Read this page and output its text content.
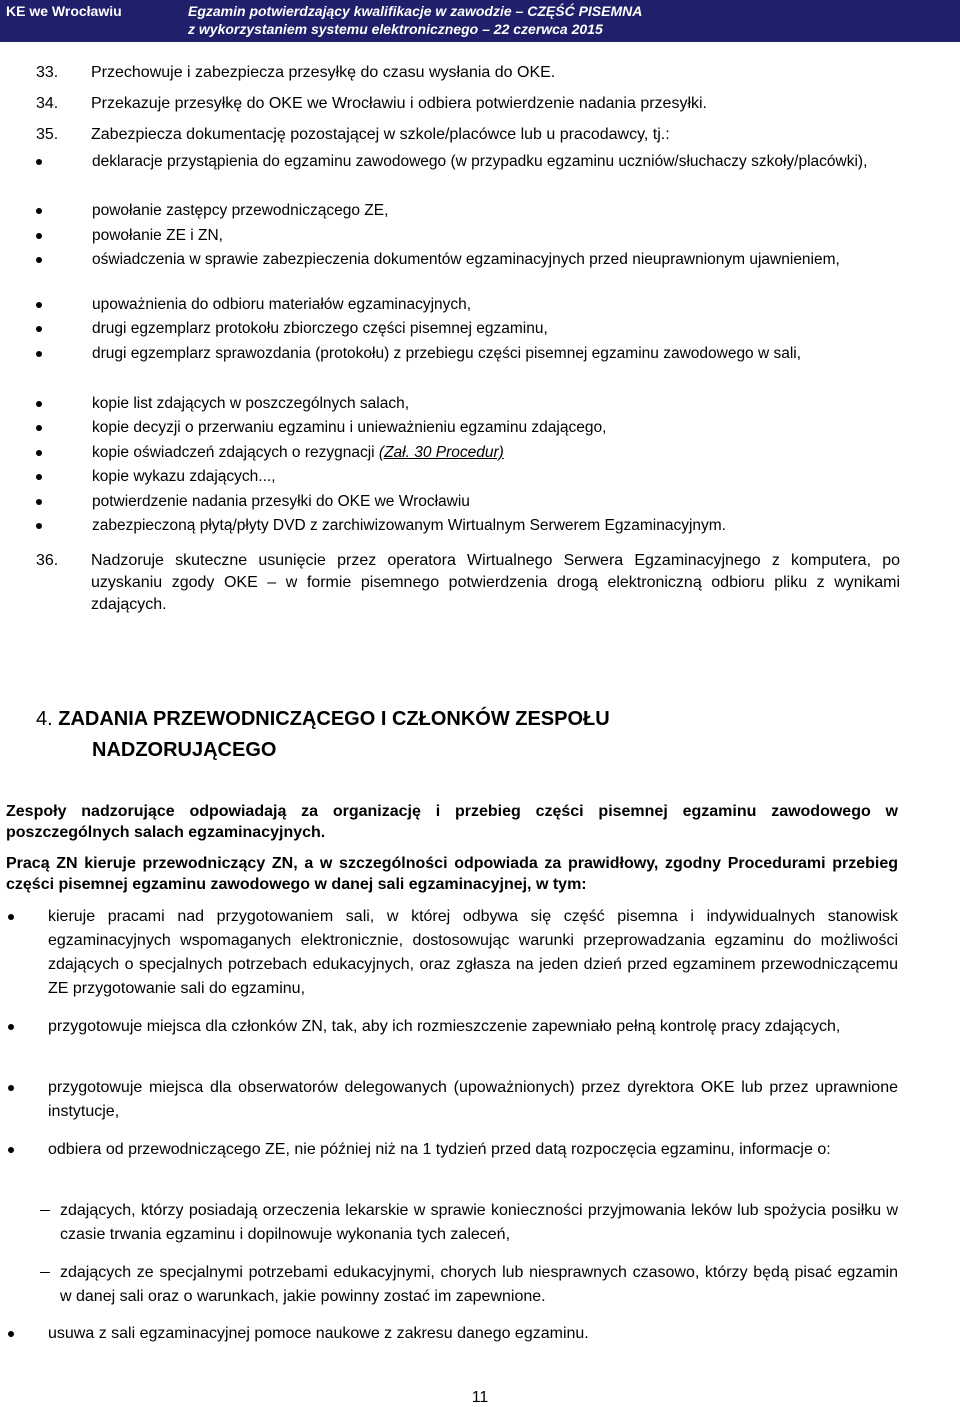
KE we Wrocławiu	Egzamin potwierdzający kwalifikacje w zawodzie – CZĘŚĆ PISEMNA
z wykorzystaniem systemu elektronicznego – 22 czerwca 2015
33.	Przechowuje i zabezpiecza przesyłkę do czasu wysłania do OKE.
34.	Przekazuje przesyłkę do OKE we Wrocławiu i odbiera potwierdzenie nadania przesyłki.
35.	Zabezpiecza dokumentację pozostającej w szkole/placówce lub u pracodawcy, tj.:
deklaracje przystąpienia do egzaminu zawodowego (w przypadku egzaminu uczniów/słuchaczy szkoły/placówki),
powołanie zastępcy przewodniczącego ZE,
powołanie ZE i ZN,
oświadczenia w sprawie zabezpieczenia dokumentów egzaminacyjnych przed nieuprawnionym ujawnieniem,
upoważnienia do odbioru materiałów egzaminacyjnych,
drugi egzemplarz protokołu zbiorczego części pisemnej egzaminu,
drugi egzemplarz sprawozdania (protokołu) z przebiegu części pisemnej egzaminu zawodowego w sali,
kopie list zdających w poszczególnych salach,
kopie decyzji o przerwaniu egzaminu i unieważnieniu egzaminu zdającego,
kopie oświadczeń zdających o rezygnacji (Zał. 30 Procedur)
kopie wykazu zdających...,
potwierdzenie nadania przesyłki do OKE we Wrocławiu
zabezpieczoną płytą/płyty DVD z zarchiwizowanym Wirtualnym Serwerem Egzaminacyjnym.
36.	Nadzoruje skuteczne usunięcie przez operatora Wirtualnego Serwera Egzaminacyjnego z komputera, po uzyskaniu zgody OKE – w formie pisemnego potwierdzenia drogą elektroniczną odbioru pliku z wynikami zdających.
4. ZADANIA PRZEWODNICZĄCEGO I CZŁONKÓW ZESPOŁU
NADZORUJĄCEGO
Zespoły nadzorujące odpowiadają za organizację i przebieg części pisemnej egzaminu zawodowego w poszczególnych salach egzaminacyjnych.
Pracą ZN kieruje przewodniczący ZN, a w szczególności odpowiada za prawidłowy, zgodny Procedurami przebieg części pisemnej egzaminu zawodowego w danej sali egzaminacyjnej, w tym:
kieruje pracami nad przygotowaniem sali, w której odbywa się część pisemna i indywidualnych stanowisk egzaminacyjnych wspomaganych elektronicznie, dostosowując warunki przeprowadzania egzaminu do możliwości zdających o specjalnych potrzebach edukacyjnych, oraz zgłasza na jeden dzień przed egzaminem przewodniczącemu ZE przygotowanie sali do egzaminu,
przygotowuje miejsca dla członków ZN, tak, aby ich rozmieszczenie zapewniało pełną kontrolę pracy zdających,
przygotowuje miejsca dla obserwatorów delegowanych (upoważnionych) przez dyrektora OKE lub przez uprawnione instytucje,
odbiera od przewodniczącego ZE, nie później niż na 1 tydzień przed datą rozpoczęcia egzaminu, informacje o:
zdających, którzy posiadają orzeczenia lekarskie w sprawie konieczności przyjmowania leków lub spożycia posiłku w czasie trwania egzaminu i dopilnowuje wykonania tych zaleceń,
zdających ze specjalnymi potrzebami edukacyjnymi, chorych lub niesprawnych czasowo, którzy będą pisać egzamin w danej sali oraz o warunkach, jakie powinny zostać im zapewnione.
usuwa z sali egzaminacyjnej pomoce naukowe z zakresu danego egzaminu.
11
